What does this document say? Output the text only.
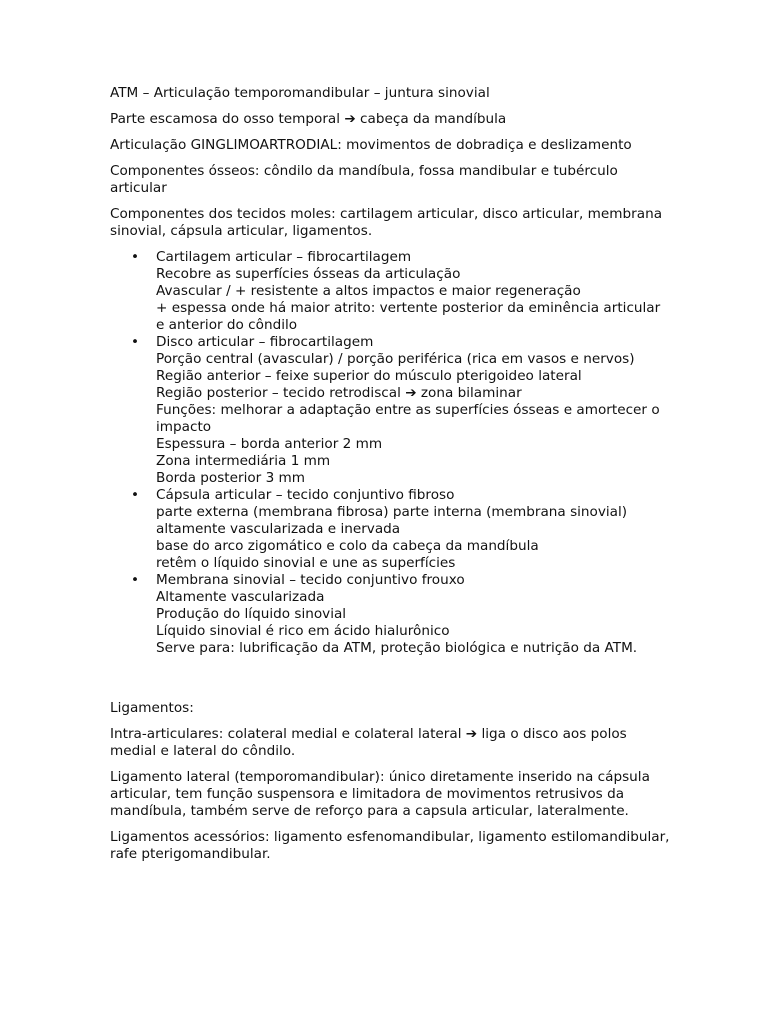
ATM – Articulação temporomandibular – juntura sinovial

Parte escamosa do osso temporal ➔ cabeça da mandíbula

Articulação GINGLIMOARTRODIAL: movimentos de dobradiça e deslizamento

Componentes ósseos: côndilo da mandíbula, fossa mandibular e tubérculo articular

Componentes dos tecidos moles: cartilagem articular, disco articular, membrana sinovial, cápsula articular, ligamentos.

• Cartilagem articular – fibrocartilagem
Recobre as superfícies ósseas da articulação
Avascular / + resistente a altos impactos e maior regeneração
+ espessa onde há maior atrito: vertente posterior da eminência articular e anterior do côndilo
• Disco articular – fibrocartilagem
Porção central (avascular) / porção periférica (rica em vasos e nervos)
Região anterior – feixe superior do músculo pterigoideo lateral
Região posterior – tecido retrodiscal ➔ zona bilaminar
Funções: melhorar a adaptação entre as superfícies ósseas e amortecer o impacto
Espessura – borda anterior 2 mm
Zona intermediária 1 mm
Borda posterior 3 mm
• Cápsula articular – tecido conjuntivo fibroso
parte externa (membrana fibrosa) parte interna (membrana sinovial) altamente vascularizada e inervada
base do arco zigomático e colo da cabeça da mandíbula
retêm o líquido sinovial e une as superfícies
• Membrana sinovial – tecido conjuntivo frouxo
Altamente vascularizada
Produção do líquido sinovial
Líquido sinovial é rico em ácido hialurônico
Serve para: lubrificação da ATM, proteção biológica e nutrição da ATM.

Ligamentos:

Intra-articulares: colateral medial e colateral lateral ➔ liga o disco aos polos medial e lateral do côndilo.

Ligamento lateral (temporomandibular): único diretamente inserido na cápsula articular, tem função suspensora e limitadora de movimentos retrusivos da mandíbula, também serve de reforço para a capsula articular, lateralmente.

Ligamentos acessórios: ligamento esfenomandibular, ligamento estilomandibular, rafe pterigomandibular.
